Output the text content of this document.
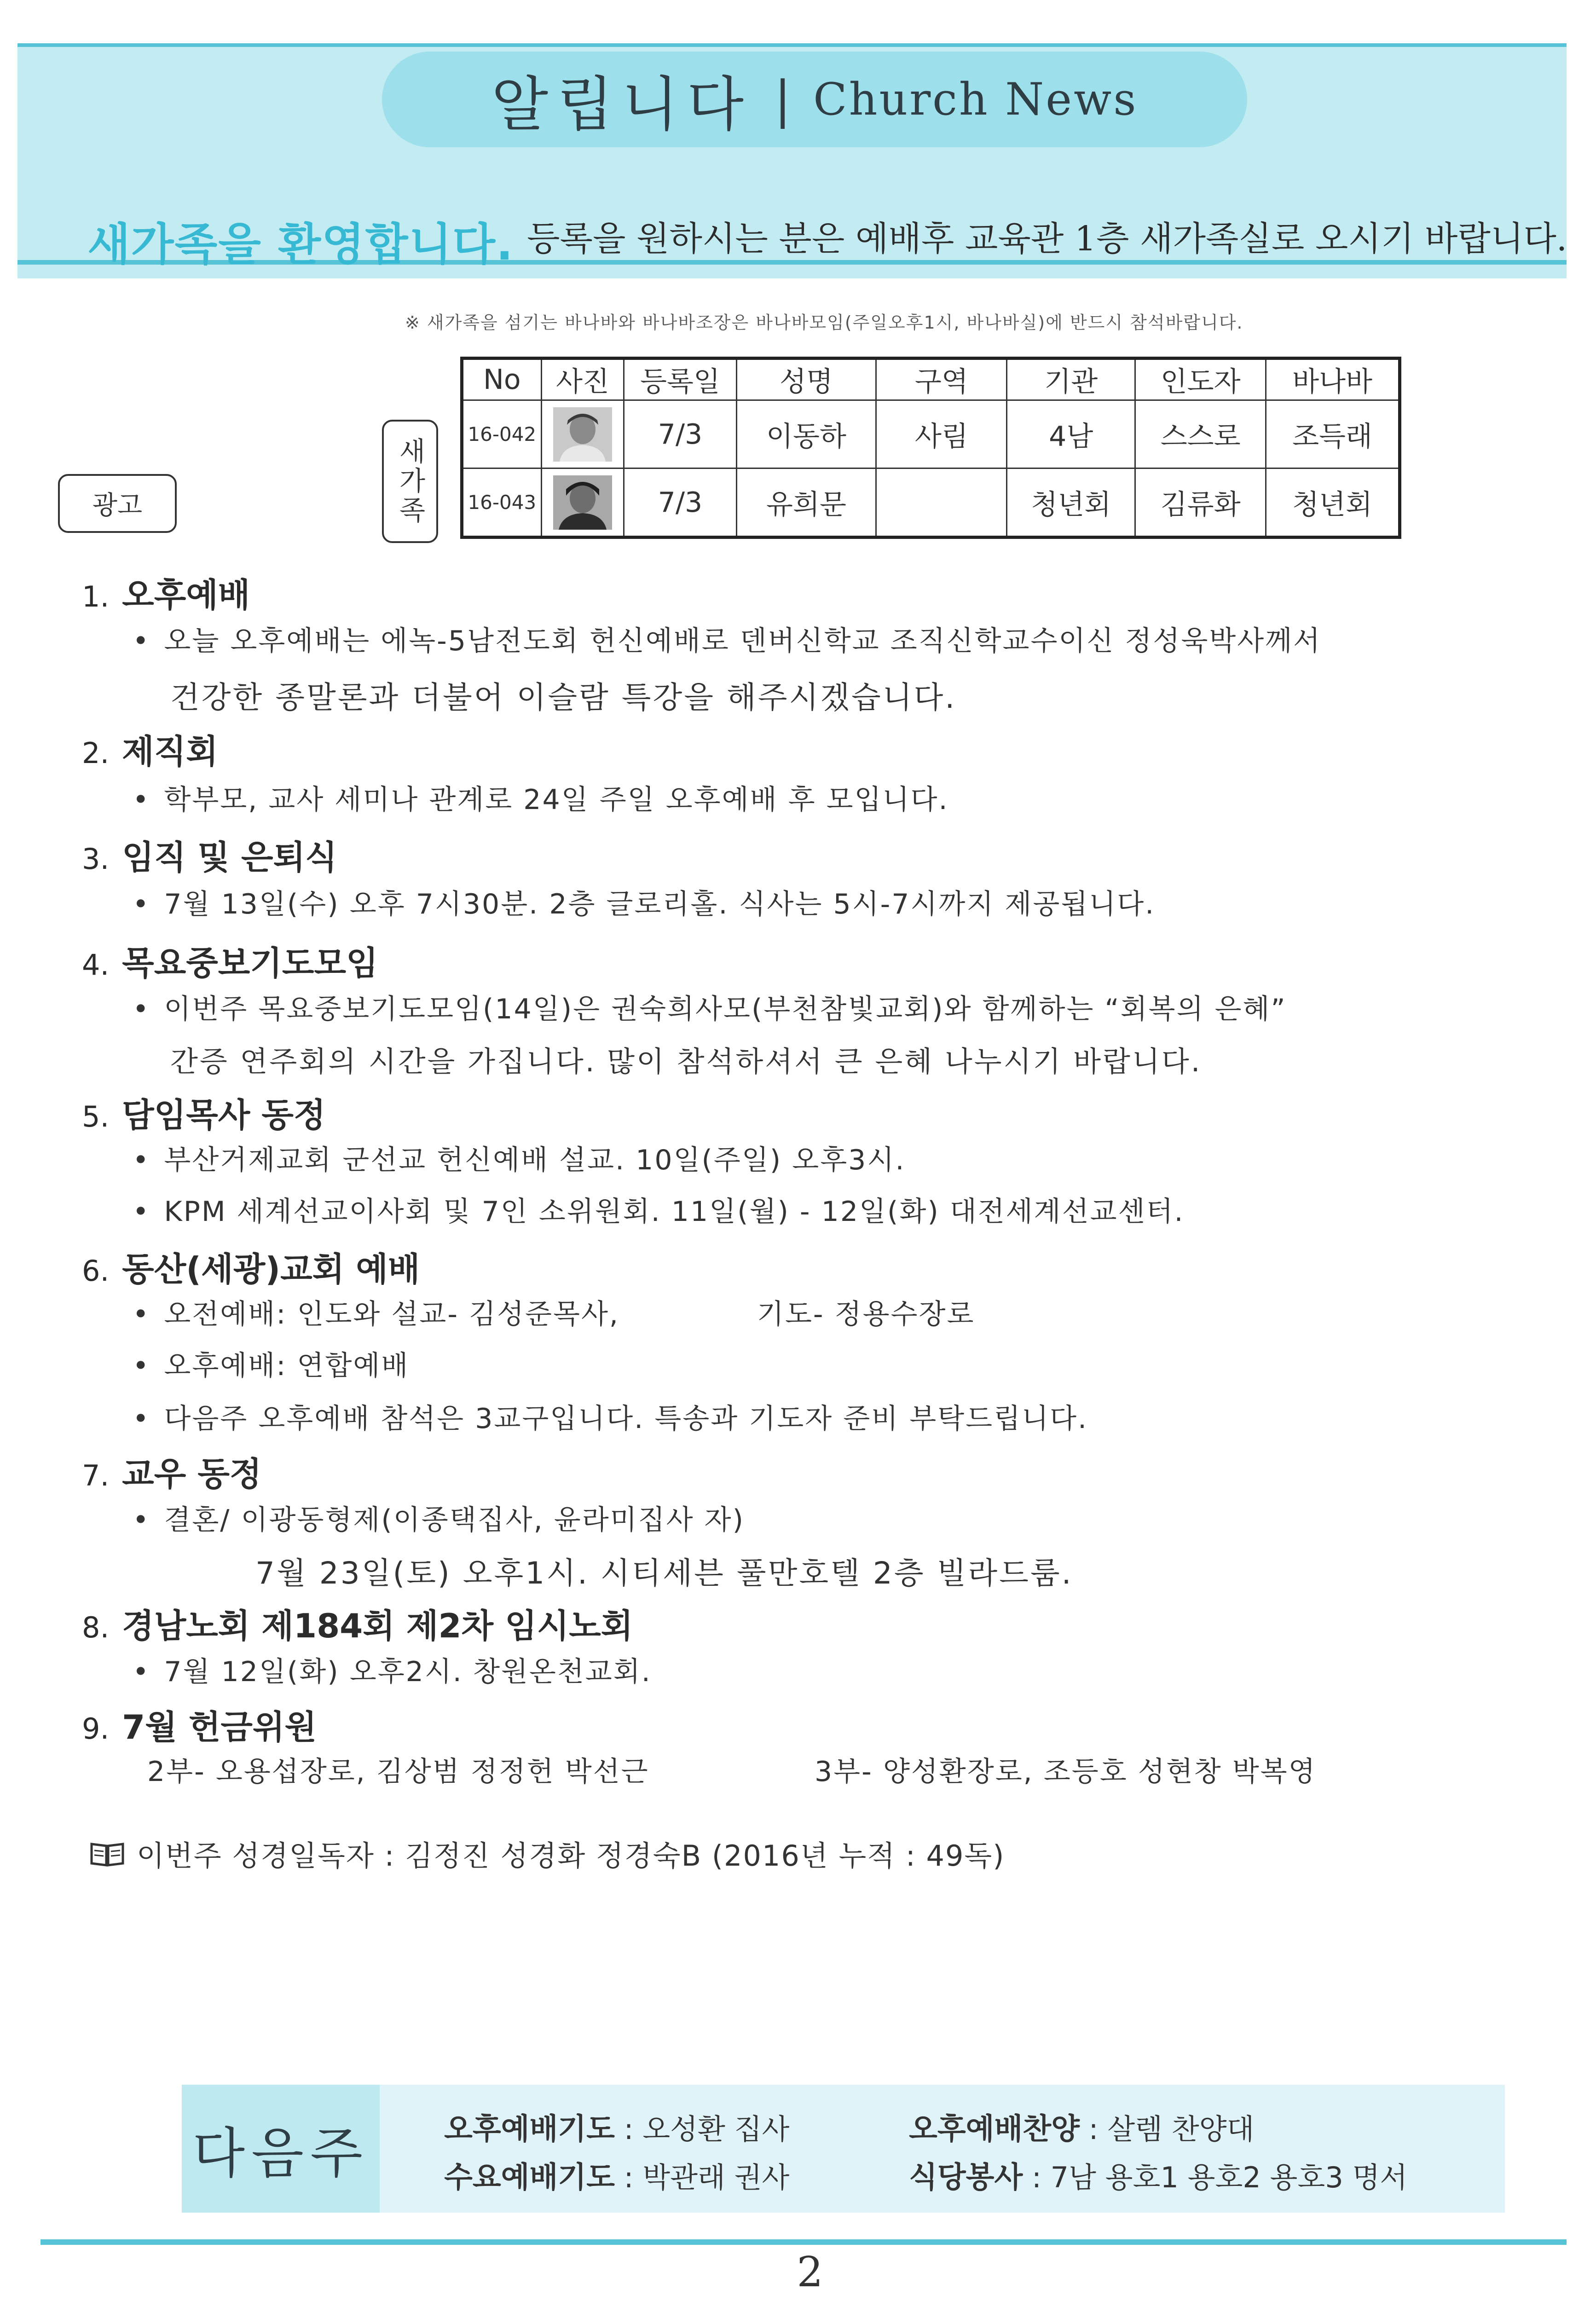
알립니다 | Church News
새가족을 환영합니다. 등록을 원하시는 분은 예배후 교육관 1층 새가족실로 오시기 바랍니다.
※ 새가족을 섬기는 바나바와 바나바조장은 바나바모임(주일오후1시, 바나바실)에 반드시 참석바랍니다.
새가족
No	사진	등록일	성명	구역	기관	인도자	바나바
16-042		7/3	이동하	사림	4남	스스로	조득래
16-043		7/3	유희문		청년회	김류화	청년회
광고
1. 오후예배
• 오늘 오후예배는 에녹-5남전도회 헌신예배로 덴버신학교 조직신학교수이신 정성욱박사께서
건강한 종말론과 더불어 이슬람 특강을 해주시겠습니다.
2. 제직회
• 학부모, 교사 세미나 관계로 24일 주일 오후예배 후 모입니다.
3. 임직 및 은퇴식
• 7월 13일(수) 오후 7시30분. 2층 글로리홀. 식사는 5시-7시까지 제공됩니다.
4. 목요중보기도모임
• 이번주 목요중보기도모임(14일)은 권숙희사모(부천참빛교회)와 함께하는 “회복의 은혜”
간증 연주회의 시간을 가집니다. 많이 참석하셔서 큰 은혜 나누시기 바랍니다.
5. 담임목사 동정
• 부산거제교회 군선교 헌신예배 설교. 10일(주일) 오후3시.
• KPM 세계선교이사회 및 7인 소위원회. 11일(월) - 12일(화) 대전세계선교센터.
6. 동산(세광)교회 예배
• 오전예배: 인도와 설교- 김성준목사,	기도- 정용수장로
• 오후예배: 연합예배
• 다음주 오후예배 참석은 3교구입니다. 특송과 기도자 준비 부탁드립니다.
7. 교우 동정
• 결혼/ 이광동형제(이종택집사, 윤라미집사 자)
7월 23일(토) 오후1시. 시티세븐 풀만호텔 2층 빌라드룸.
8. 경남노회 제184회 제2차 임시노회
• 7월 12일(화) 오후2시. 창원온천교회.
9. 7월 헌금위원
2부- 오용섭장로, 김상범 정정헌 박선근	3부- 양성환장로, 조등호 성현창 박복영
이번주 성경일독자 : 김정진 성경화 정경숙B (2016년 누적 : 49독)
다음주	오후예배기도 : 오성환 집사	오후예배찬양 : 살렘 찬양대
수요예배기도 : 박관래 권사	식당봉사 : 7남 용호1 용호2 용호3 명서
2
